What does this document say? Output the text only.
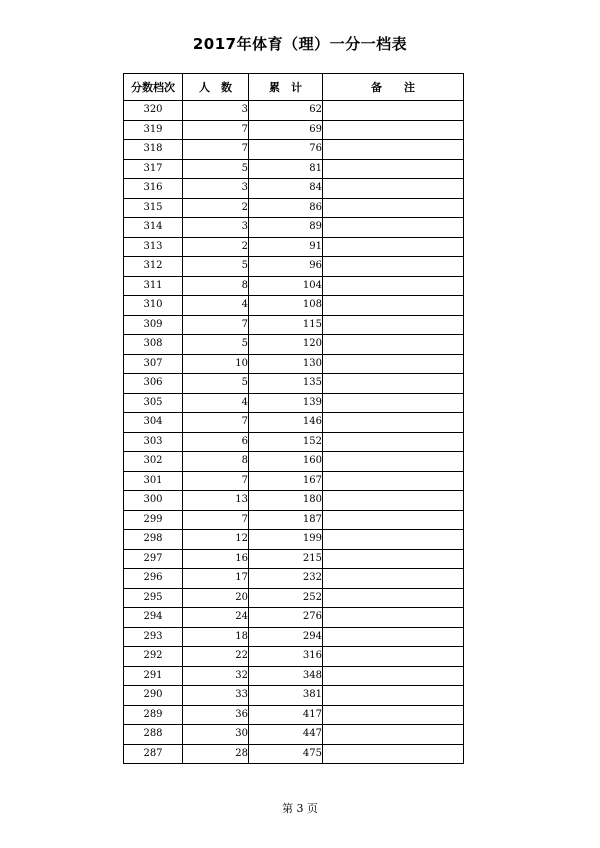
2017年体育（理）一分一档表
分数档次	人　数	累　计	备　　注
320	3	62	
319	7	69	
318	7	76	
317	5	81	
316	3	84	
315	2	86	
314	3	89	
313	2	91	
312	5	96	
311	8	104	
310	4	108	
309	7	115	
308	5	120	
307	10	130	
306	5	135	
305	4	139	
304	7	146	
303	6	152	
302	8	160	
301	7	167	
300	13	180	
299	7	187	
298	12	199	
297	16	215	
296	17	232	
295	20	252	
294	24	276	
293	18	294	
292	22	316	
291	32	348	
290	33	381	
289	36	417	
288	30	447	
287	28	475	
第 3 页
